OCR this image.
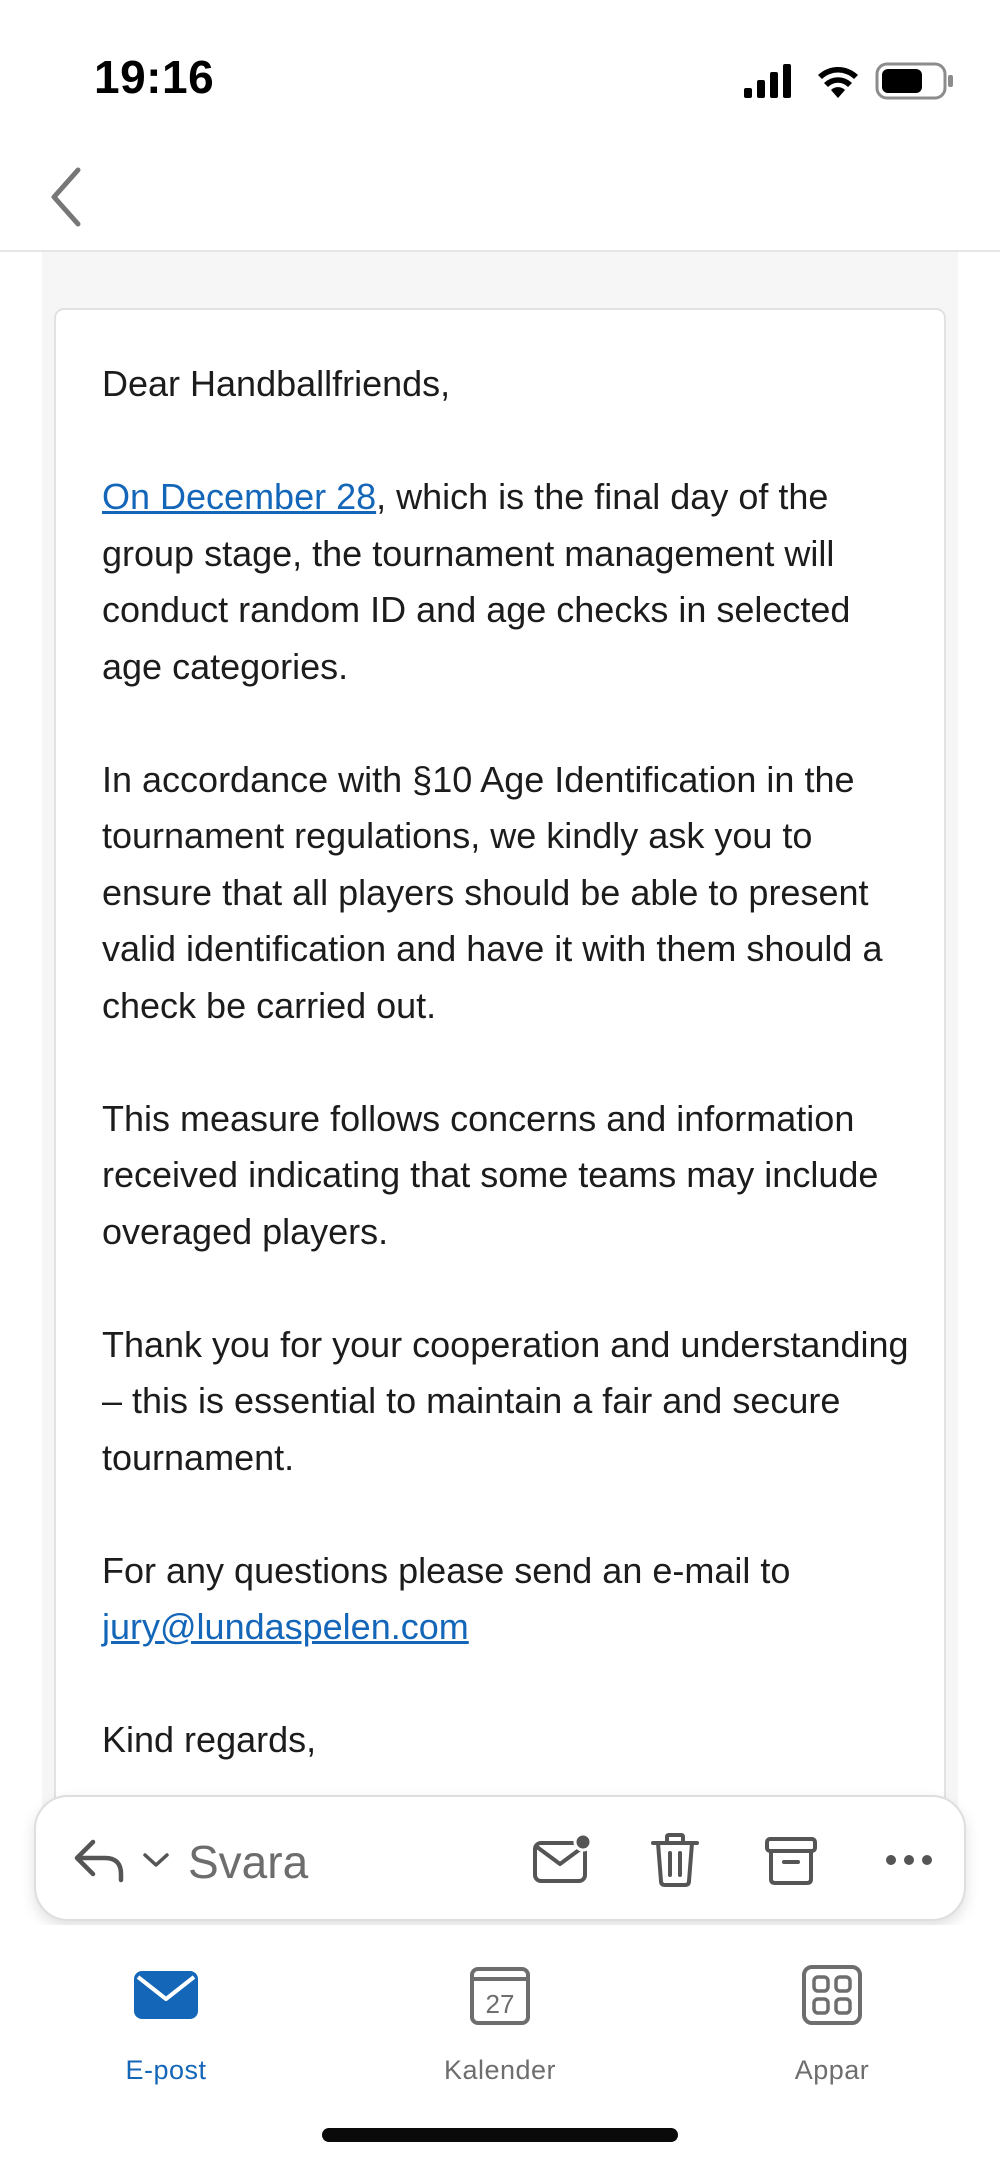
19:16

Dear Handballfriends,

On December 28, which is the final day of the group stage, the tournament management will conduct random ID and age checks in selected age categories.

In accordance with §10 Age Identification in the tournament regulations, we kindly ask you to ensure that all players should be able to present valid identification and have it with them should a check be carried out.

This measure follows concerns and information received indicating that some teams may include overaged players.

Thank you for your cooperation and understanding – this is essential to maintain a fair and secure tournament.

For any questions please send an e-mail to
jury@lundaspelen.com

Kind regards,

Svara
E-post
27
Kalender	Appar
